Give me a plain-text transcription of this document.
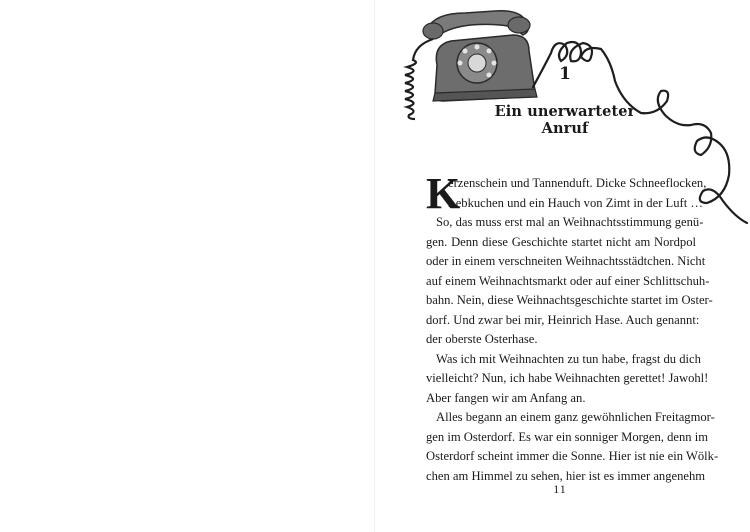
1
Ein unerwarteter Anruf
K
erzenschein und Tannenduft. Dicke Schneeflocken,
Lebkuchen und ein Hauch von Zimt in der Luft …
So, das muss erst mal an Weihnachtsstimmung genü-
gen. Denn diese Geschichte startet nicht am Nordpol
oder in einem verschneiten Weihnachtsstädtchen. Nicht
auf einem Weihnachtsmarkt oder auf einer Schlittschuh-
bahn. Nein, diese Weihnachtsgeschichte startet im Oster-
dorf. Und zwar bei mir, Heinrich Hase. Auch genannt:
der oberste Osterhase.
Was ich mit Weihnachten zu tun habe, fragst du dich
vielleicht? Nun, ich habe Weihnachten gerettet! Jawohl!
Aber fangen wir am Anfang an.
Alles begann an einem ganz gewöhnlichen Freitagmor-
gen im Osterdorf. Es war ein sonniger Morgen, denn im
Osterdorf scheint immer die Sonne. Hier ist nie ein Wölk-
chen am Himmel zu sehen, hier ist es immer angenehm
11
